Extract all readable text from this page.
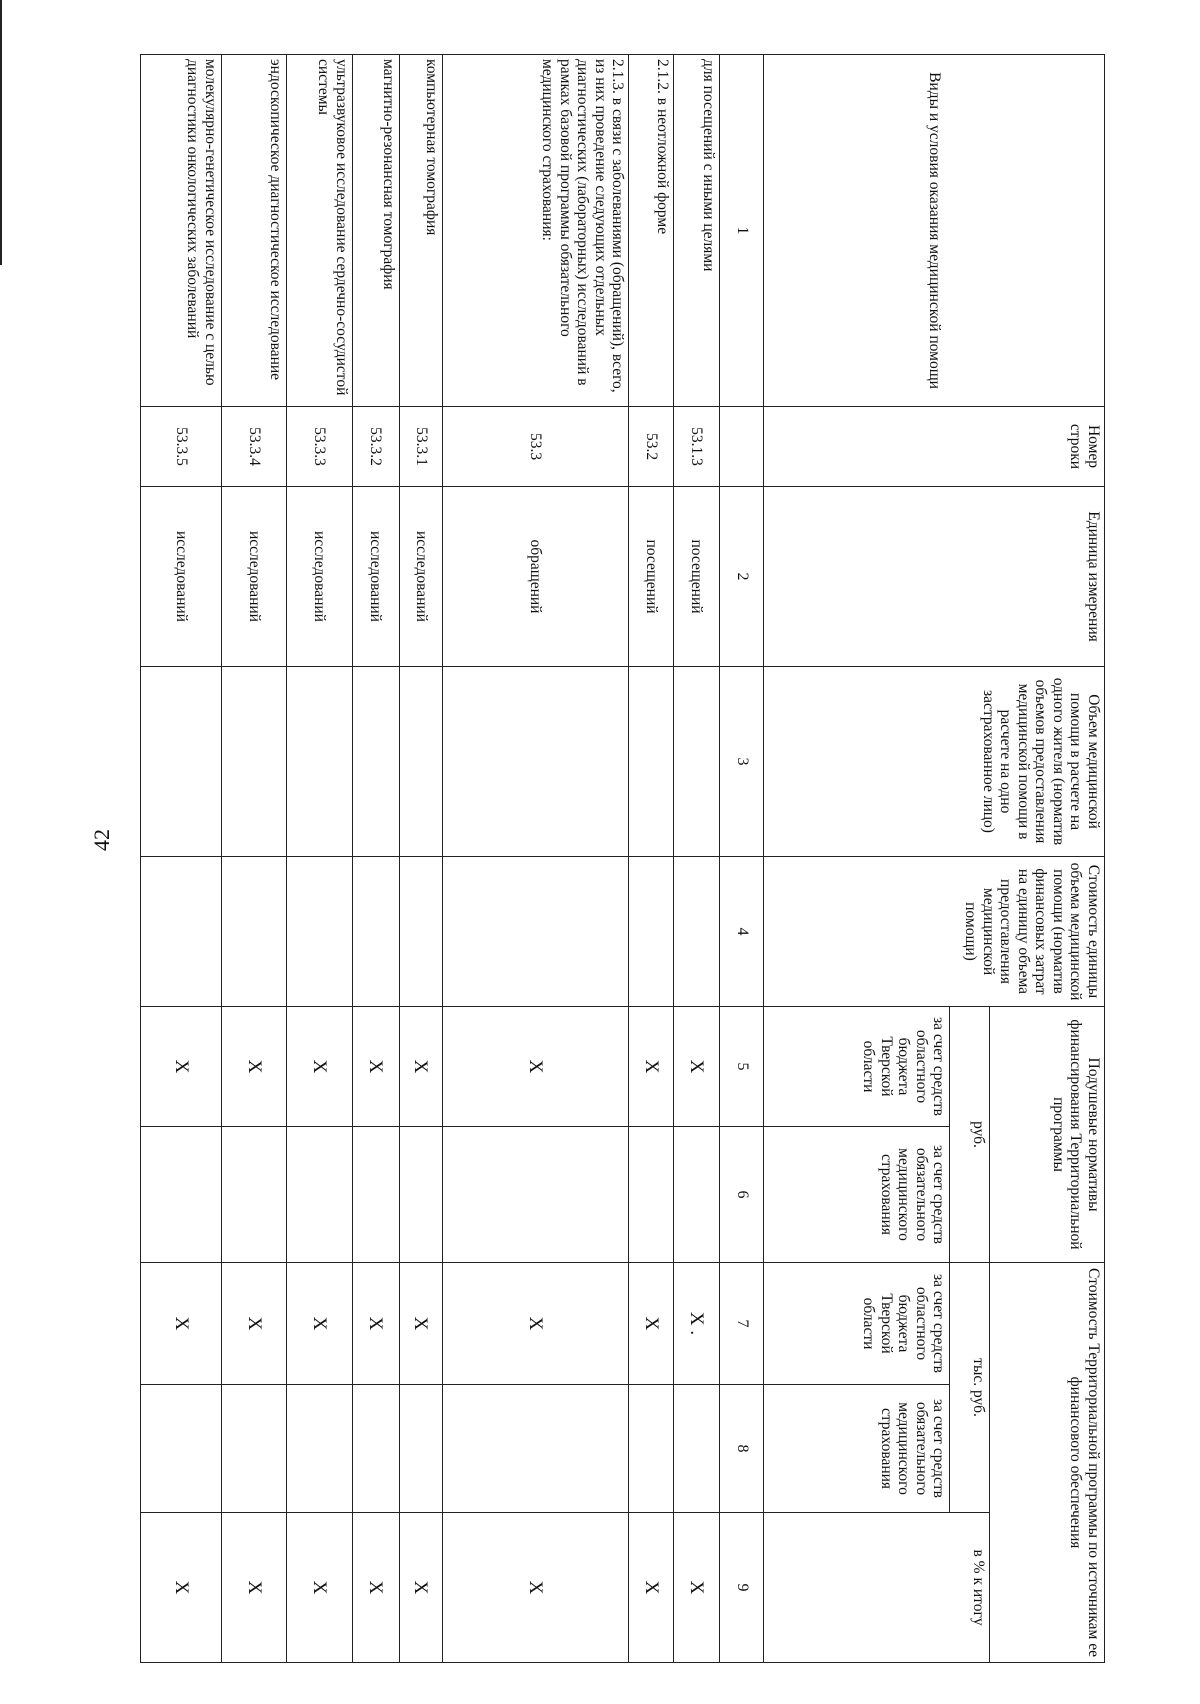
42
Виды и условия оказания медицинской помощи	Номер строки	Единица измерения	Объем медицинской помощи в расчете на одного жителя (норматив объемов предоставления медицинской помощи в расчете на одно застрахованное лицо)	Стоимость единицы объема медицинской помощи (норматив финансовых затрат на единицу объема предоставления медицинской помощи)	Подушевые нормативы финансирования Территориальной программы		Стоимость Территориальной программы по источникам ее финансового обеспечения		
					руб.		тыс. руб.		в % к итогу
					за счет средств областного бюджета Тверской области	за счет средств обязательного медицинского страхования	за счет средств областного бюджета Тверской области	за счет средств обязательного медицинского страхования	
1		2	3	4	5	6	7	8	9
для посещений с иными целями	53.1.3	посещений			X		X .		X
2.1.2. в неотложной форме	53.2	посещений			X		X		X
2.1.3. в связи с заболеваниями (обращений), всего, из них проведение следующих отдельных диагностических (лабораторных) исследований в рамках базовой программы обязательного медицинского страхования:	53.3	обращений			X		X		X
компьютерная томография	53.3.1	исследований			X		X		X
магнитно-резонансная томография	53.3.2	исследований			X		X		X
ультразвуковое исследование сердечно-сосудистой системы	53.3.3	исследований			X		X		X
эндоскопическое диагностическое исследование	53.3.4	исследований			X		X		X
молекулярно-генетическое исследование с целью диагностики онкологических заболеваний	53.3.5	исследований			X		X		X
